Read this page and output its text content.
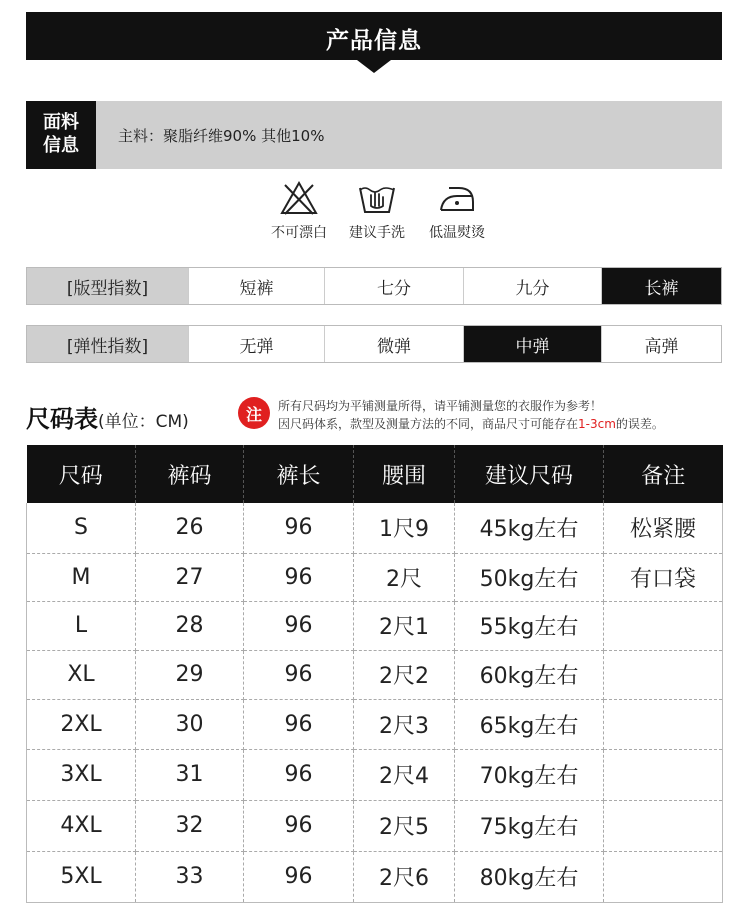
产品信息
面料
信息	主料：聚脂纤维90% 其他10%
不可漂白	建议手洗	低温熨烫
[版型指数]	短裤	七分	九分	长裤
[弹性指数]	无弹	微弹	中弹	高弹
尺码表(单位：CM)	注	所有尺码均为平铺测量所得，请平铺测量您的衣服作为参考！
因尺码体系，款型及测量方法的不同，商品尺寸可能存在1-3cm的误差。
尺码	裤码	裤长	腰围	建议尺码	备注
S	26	96	1尺9	45kg左右	松紧腰
M	27	96	2尺	50kg左右	有口袋
L	28	96	2尺1	55kg左右	
XL	29	96	2尺2	60kg左右	
2XL	30	96	2尺3	65kg左右	
3XL	31	96	2尺4	70kg左右	
4XL	32	96	2尺5	75kg左右	
5XL	33	96	2尺6	80kg左右	
